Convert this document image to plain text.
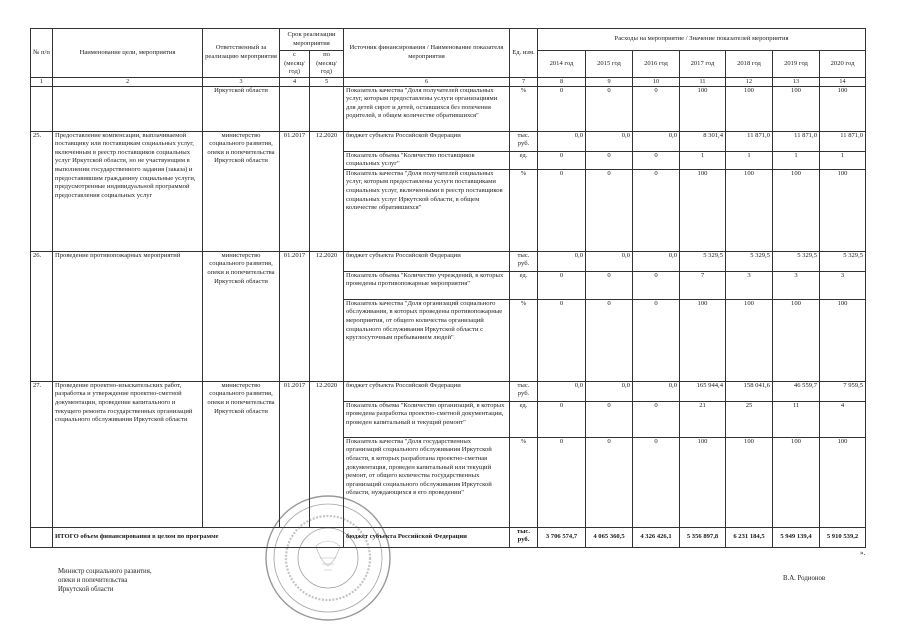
№ п/п	Наименование цели, мероприятия	Ответственный за реализацию мероприятия	Срок реализации мероприятия		Источник финансирования / Наименование показателя мероприятия	Ед. изм.	Расходы на мероприятие / Значение показателей мероприятия						
			с (месяц/год)	по (месяц/год)			2014 год	2015 год	2016 год	2017 год	2018 год	2019 год	2020 год
1	2	3	4	5	6	7	8	9	10	11	12	13	14
		Иркутской области			Показатель качества "Доля получателей социальных услуг, которым предоставлены услуги организациями для детей сирот и детей, оставшихся без попечения родителей, в общем количестве обратившихся"	%	0	0	0	100	100	100	100
25.	Предоставление компенсации, выплачиваемой поставщику или поставщикам социальных услуг, включенным в реестр поставщиков социальных услуг Иркутской области, но не участвующим в выполнении государственного задания (заказа) и предоставившим гражданину социальные услуги, предусмотренные индивидуальной программой предоставления социальных услуг	министерство социального развития, опеки и попечительства Иркутской области	01.2017	12.2020	бюджет субъекта Российской Федерации	тыс. руб.	0,0	0,0	0,0	8 301,4	11 871,0	11 871,0	11 871,0
					Показатель объема "Количество поставщиков социальных услуг"	ед.	0	0	0	1	1	1	1
					Показатель качества "Доля получателей социальных услуг, которым предоставлены услуги поставщиками социальных услуг, включенными в реестр поставщиков социальных услуг Иркутской области, в общем количестве обратившихся"	%	0	0	0	100	100	100	100
26.	Проведение противопожарных мероприятий	министерство социального развития, опеки и попечительства Иркутской области	01.2017	12.2020	бюджет субъекта Российской Федерации	тыс. руб.	0,0	0,0	0,0	5 329,5	5 329,5	5 329,5	5 329,5
					Показатель объема "Количество учреждений, в которых проведены противопожарные мероприятия"	ед.	0	0	0	7	3	3	3
					Показатель качества "Доля организаций социального обслуживания, в которых проведены противопожарные мероприятия, от общего количества организаций социального обслуживания Иркутской области с круглосуточным пребыванием людей"	%	0	0	0	100	100	100	100
27.	Проведение проектно-изыскательских работ, разработка и утверждение проектно-сметной документации, проведение капитального и текущего ремонта государственных организаций социального обслуживания Иркутской области	министерство социального развития, опеки и попечительства Иркутской области	01.2017	12.2020	бюджет субъекта Российской Федерации	тыс. руб.	0,0	0,0	0,0	165 944,4	158 041,6	46 559,7	7 959,5
					Показатель объема "Количество организаций, в которых проведена разработка проектно-сметной документации, проведен капитальный и текущий ремонт"	ед.	0	0	0	21	25	11	4
					Показатель качества "Доля государственных организаций социального обслуживания Иркутской области, в которых разработана проектно-сметная документация, проведен капитальный или текущий ремонт, от общего количества государственных организаций социального обслуживания Иркутской области, нуждающихся в его проведении"	%	0	0	0	100	100	100	100
	ИТОГО объем финансирования в целом по программе				бюджет субъекта Российской Федерации	тыс. руб.	3 706 574,7	4 065 360,5	4 326 426,1	5 356 897,8	6 231 184,5	5 949 139,4	5 910 539,2
Министр социального развития,
опеки и попечительства
Иркутской области
В.А. Родионов
».
